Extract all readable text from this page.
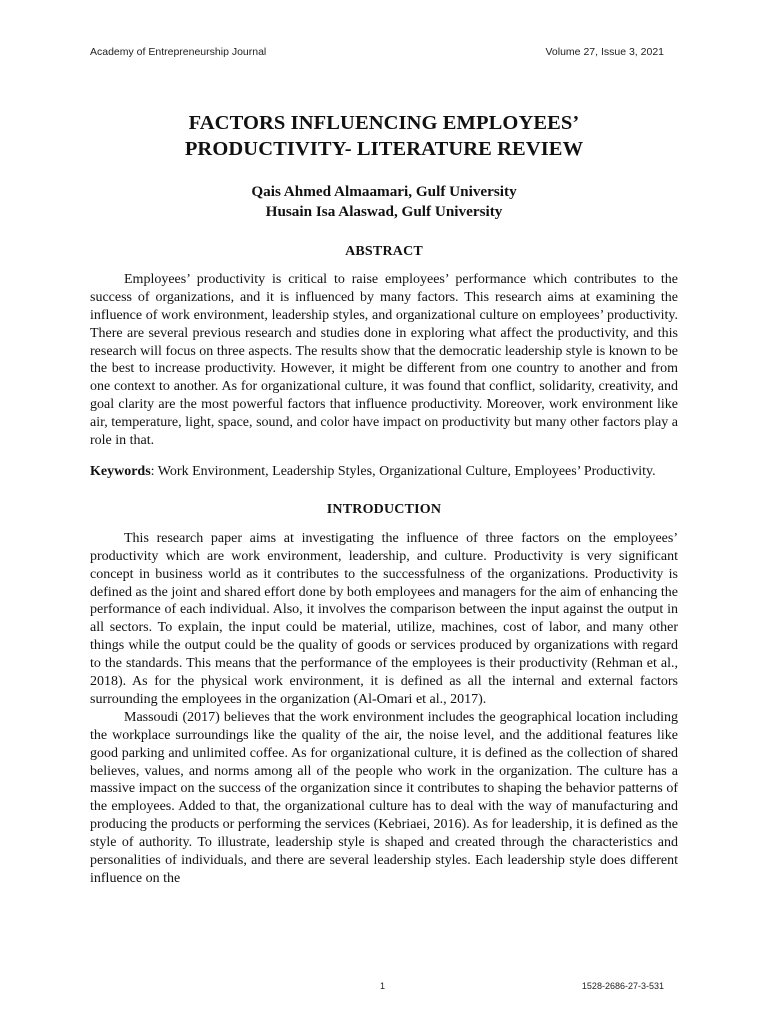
Academy of Entrepreneurship Journal	Volume 27, Issue 3, 2021
FACTORS INFLUENCING EMPLOYEES’
PRODUCTIVITY- LITERATURE REVIEW
Qais Ahmed Almaamari, Gulf University
Husain Isa Alaswad, Gulf University
ABSTRACT

Employees’ productivity is critical to raise employees’ performance which contributes to the success of organizations, and it is influenced by many factors. This research aims at examining the influence of work environment, leadership styles, and organizational culture on employees’ productivity. There are several previous research and studies done in exploring what affect the productivity, and this research will focus on three aspects. The results show that the democratic leadership style is known to be the best to increase productivity. However, it might be different from one country to another and from one context to another. As for organizational culture, it was found that conflict, solidarity, creativity, and goal clarity are the most powerful factors that influence productivity. Moreover, work environment like air, temperature, light, space, sound, and color have impact on productivity but many other factors play a role in that.

Keywords: Work Environment, Leadership Styles, Organizational Culture, Employees’ Productivity.

INTRODUCTION

This research paper aims at investigating the influence of three factors on the employees’ productivity which are work environment, leadership, and culture. Productivity is very significant concept in business world as it contributes to the successfulness of the organizations. Productivity is defined as the joint and shared effort done by both employees and managers for the aim of enhancing the performance of each individual. Also, it involves the comparison between the input against the output in all sectors. To explain, the input could be material, utilize, machines, cost of labor, and many other things while the output could be the quality of goods or services produced by organizations with regard to the standards. This means that the performance of the employees is their productivity (Rehman et al., 2018). As for the physical work environment, it is defined as all the internal and external factors surrounding the employees in the organization (Al-Omari et al., 2017).

Massoudi (2017) believes that the work environment includes the geographical location including the workplace surroundings like the quality of the air, the noise level, and the additional features like good parking and unlimited coffee. As for organizational culture, it is defined as the collection of shared believes, values, and norms among all of the people who work in the organization. The culture has a massive impact on the success of the organization since it contributes to shaping the behavior patterns of the employees. Added to that, the organizational culture has to deal with the way of manufacturing and producing the products or performing the services (Kebriaei, 2016). As for leadership, it is defined as the style of authority. To illustrate, leadership style is shaped and created through the characteristics and personalities of individuals, and there are several leadership styles. Each leadership style does different influence on the

1	1528-2686-27-3-531
